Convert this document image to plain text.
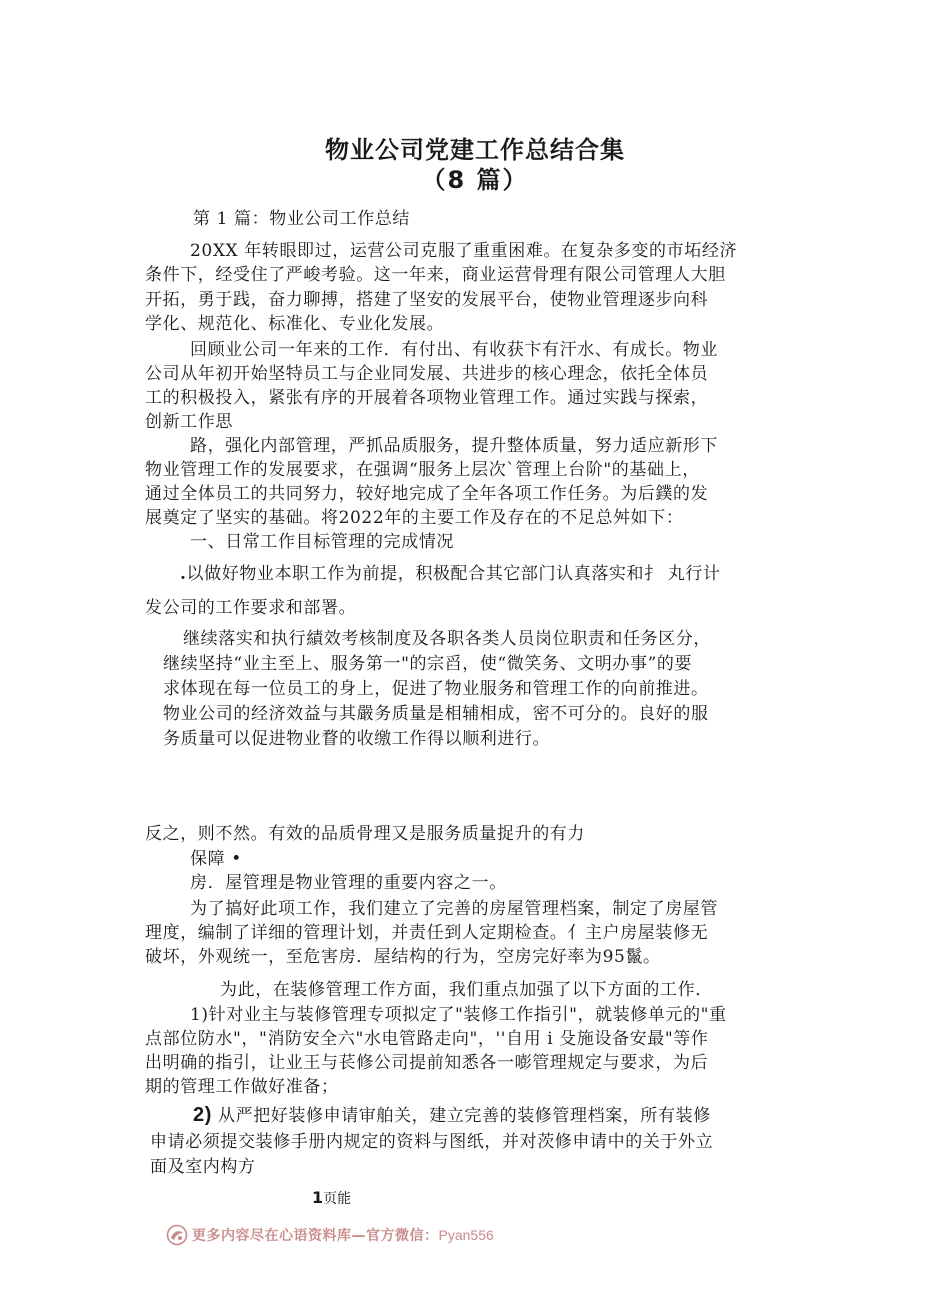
物业公司党建工作总结合集
（8 篇）
第 1 篇：物业公司工作总结
20XX 年转眼即过，运营公司克服了重重困难。在复杂多变的市坧经济
条件下，经受住了严峻考验。这一年来，商业运营骨理有限公司管理人大胆
开拓，勇于践，奋力聊搏，搭建了坚安的发展平台，使物业管理逐步向科
学化、规范化、标准化、专业化发展。
回顾业公司一年来的工作．有付出、有收获卞有汗水、有成长。物业
公司从年初开始坚特员工与企业同发展、共进步的核心理念，依托全体员
工的积极投入，紧张有序的开展着各项物业管理工作。通过实践与探索，
创新工作思
路，强化内部管理，严抓品质服务，提升整体质量，努力适应新形下
物业管理工作的发展要求，在强调“服务上层次`管理上台阶"的基础上，
通过全体员工的共同努力，较好地完成了全年各项工作任务。为后鏷的发
展奠定了坚实的基础。将2022年的主要工作及存在的不足总舛如下：
一、日常工作目标管理的完成情况
.以做好物业本职工作为前提，积极配合其它部门认真落实和扌 丸行计
发公司的工作要求和部署。
继续落实和执行績效考核制度及各职各类人员岗位职责和任务区分，
继续坚持“业主至上、服务第一"的宗舀，使“微笑务、文明办事”的要
求体现在每一位员工的身上，促进了物业服务和管理工作的向前推进。
物业公司的经济效益与其嚴务质量是相辅相成，密不可分的。良好的服
务质量可以促进物业瞀的收缴工作得以顺利进行。
反之，则不然。有效的品质骨理又是服务质量捉升的有力
保障 •
房．屋管理是物业管理的重要内容之一。
为了搞好此项工作，我们建立了完善的房屋管理档案，制定了房屋管
理度，编制了详细的管理计划，并责任到人定期检查。亻主户房屋装修无
破坏，外观统一，至危害房．屋结构的行为，空房完好率为95鬣。
为此，在装修管理工作方面，我们重点加强了以下方面的工作．
1)针对业主与装修管理专项拟定了"装修工作指引"，就装修单元的"重
点部位防水"，"消防安全六"水电管路走向"，''自用 i 殳施设备安最"等作
出明确的指引，让业王与苌修公司提前知悉各一嘭管理规定与要求，为后
期的管理工作做好准备；
2) 从严把好装修申请审舶关，建立完善的装修管理档案，所有装修
申请必须提交装修手册内规定的资料与图纸，并对茨修申请中的关于外立
面及室内构方
1页能
更多内容尽在心语资料库—官方微信： Pyan556
